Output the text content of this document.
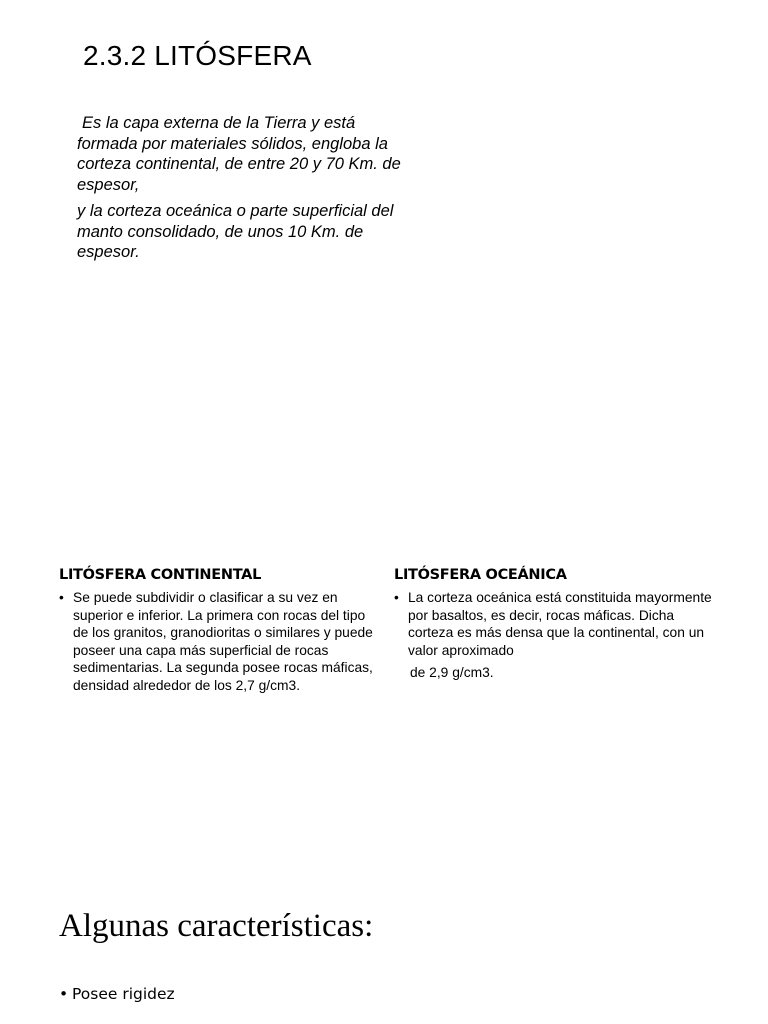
2.3.2 LITÓSFERA

Es la capa externa de la Tierra y está formada por materiales sólidos, engloba la corteza continental, de entre 20 y 70 Km. de espesor,

y la corteza oceánica o parte superficial del manto consolidado, de unos 10 Km. de espesor.

LITÓSFERA CONTINENTAL
• Se puede subdividir o clasificar a su vez en superior e inferior. La primera con rocas del tipo de los granitos, granodioritas o similares y puede poseer una capa más superficial de rocas sedimentarias. La segunda posee rocas máficas, densidad alrededor de los 2,7 g/cm3.
LITÓSFERA OCEÁNICA
• La corteza oceánica está constituida mayormente por basaltos, es decir, rocas máficas. Dicha corteza es más densa que la continental, con un valor aproximado
de 2,9 g/cm3.
Algunas características:
• Posee rigidez
